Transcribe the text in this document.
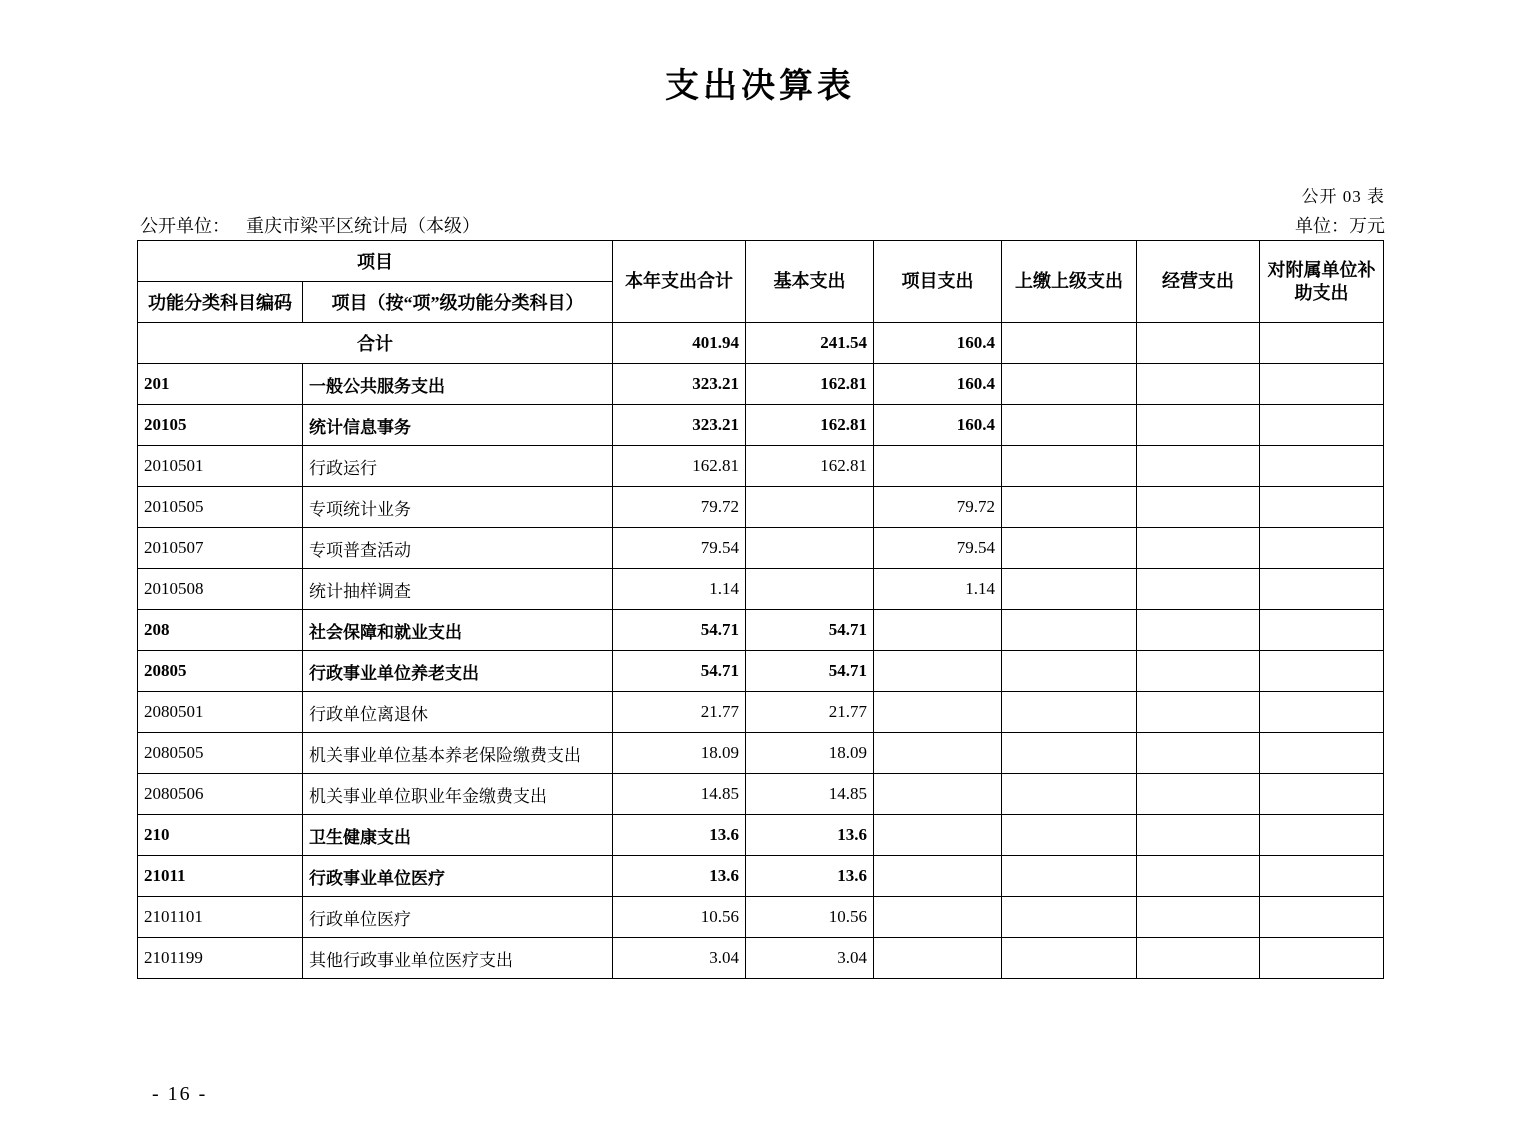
支出决算表
公开 03 表
公开单位： 重庆市梁平区统计局（本级）	单位：万元
项目		本年支出合计	基本支出	项目支出	上缴上级支出	经营支出	对附属单位补助支出
功能分类科目编码	项目（按“项”级功能分类科目）						
合计		401.94	241.54	160.4			
201	一般公共服务支出	323.21	162.81	160.4			
20105	统计信息事务	323.21	162.81	160.4			
2010501	行政运行	162.81	162.81				
2010505	专项统计业务	79.72		79.72			
2010507	专项普查活动	79.54		79.54			
2010508	统计抽样调查	1.14		1.14			
208	社会保障和就业支出	54.71	54.71				
20805	行政事业单位养老支出	54.71	54.71				
2080501	行政单位离退休	21.77	21.77				
2080505	机关事业单位基本养老保险缴费支出	18.09	18.09				
2080506	机关事业单位职业年金缴费支出	14.85	14.85				
210	卫生健康支出	13.6	13.6				
21011	行政事业单位医疗	13.6	13.6				
2101101	行政单位医疗	10.56	10.56				
2101199	其他行政事业单位医疗支出	3.04	3.04				
- 16 -
